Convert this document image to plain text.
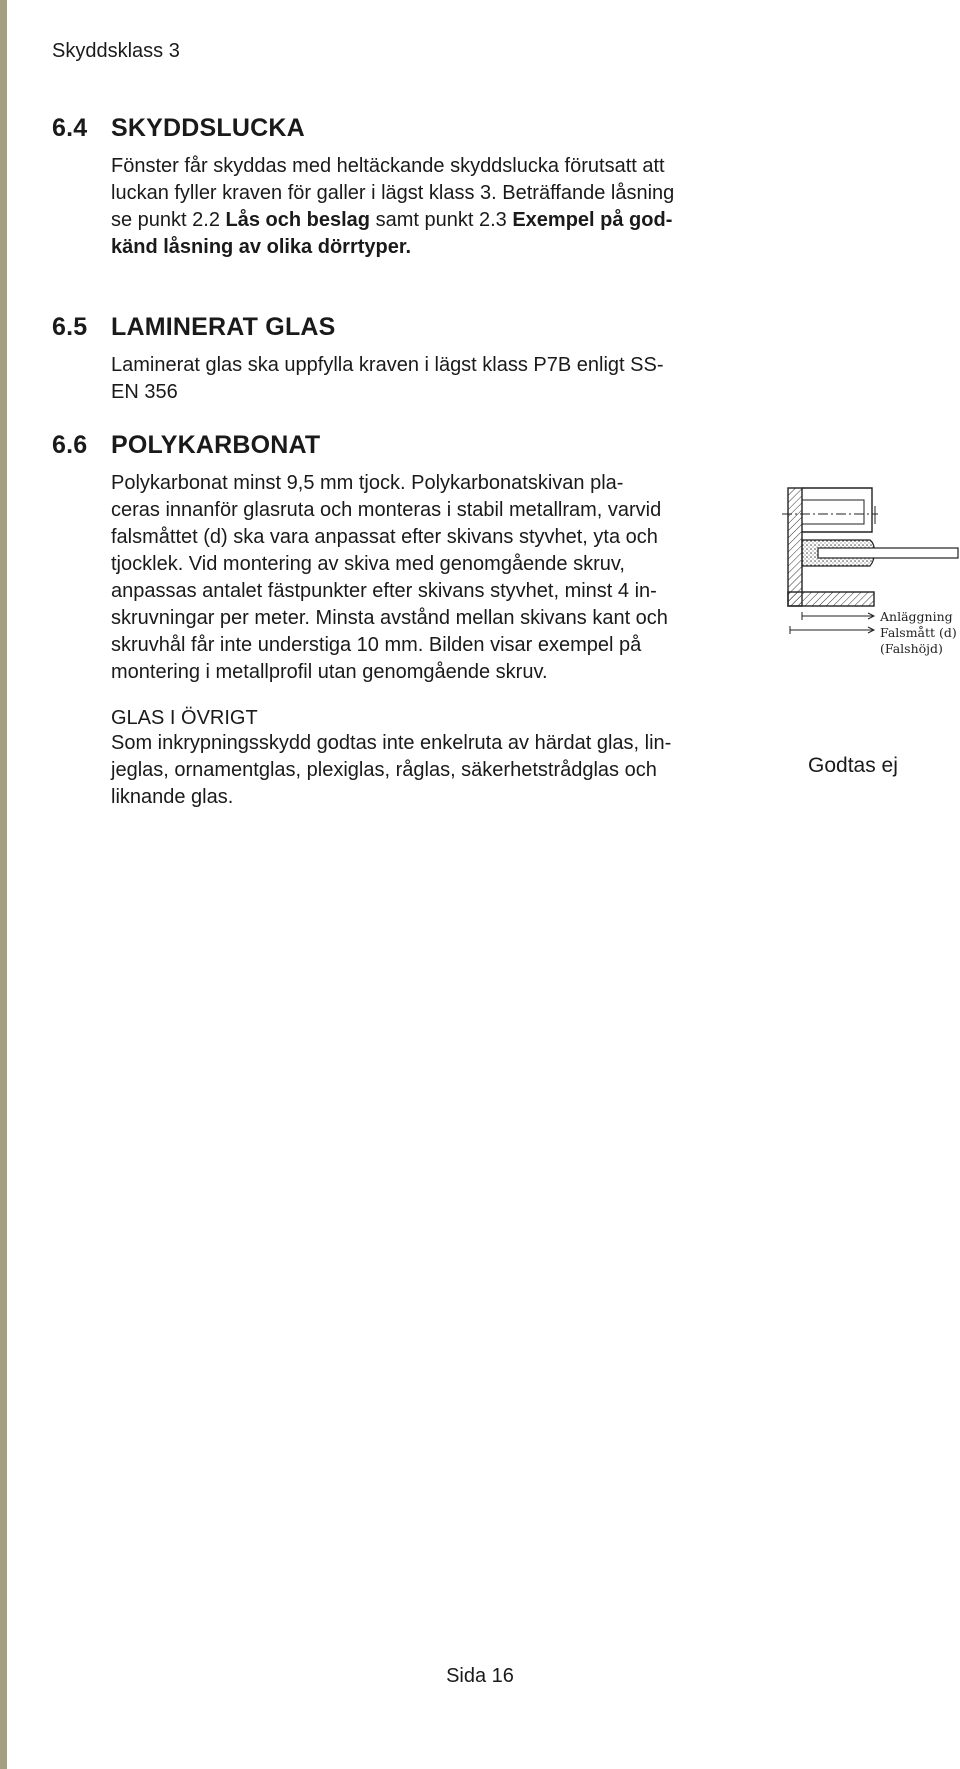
Skyddsklass 3
6.4 SKYDDSLUCKA
Fönster får skyddas med heltäckande skyddslucka förutsatt att
luckan fyller kraven för galler i lägst klass 3. Beträffande låsning
se punkt 2.2 Lås och beslag samt punkt 2.3 Exempel på god-
känd låsning av olika dörrtyper.
6.5 LAMINERAT GLAS
Laminerat glas ska uppfylla kraven i lägst klass P7B enligt SS-
EN 356
6.6 POLYKARBONAT
Polykarbonat minst 9,5 mm tjock. Polykarbonatskivan pla-
ceras innanför glasruta och monteras i stabil metallram, varvid
falsmåttet (d) ska vara anpassat efter skivans styvhet, yta och
tjocklek. Vid montering av skiva med genomgående skruv,
anpassas antalet fästpunkter efter skivans styvhet, minst 4 in-
skruvningar per meter. Minsta avstånd mellan skivans kant och
skruvhål får inte understiga 10 mm. Bilden visar exempel på
montering i metallprofil utan genomgående skruv.
GLAS I ÖVRIGT
Som inkrypningsskydd godtas inte enkelruta av härdat glas, lin-
jeglas, ornamentglas, plexiglas, råglas, säkerhetstrådglas och
liknande glas.
Anläggning
Falsmått (d)
(Falshöjd)
Godtas ej
Sida 16
